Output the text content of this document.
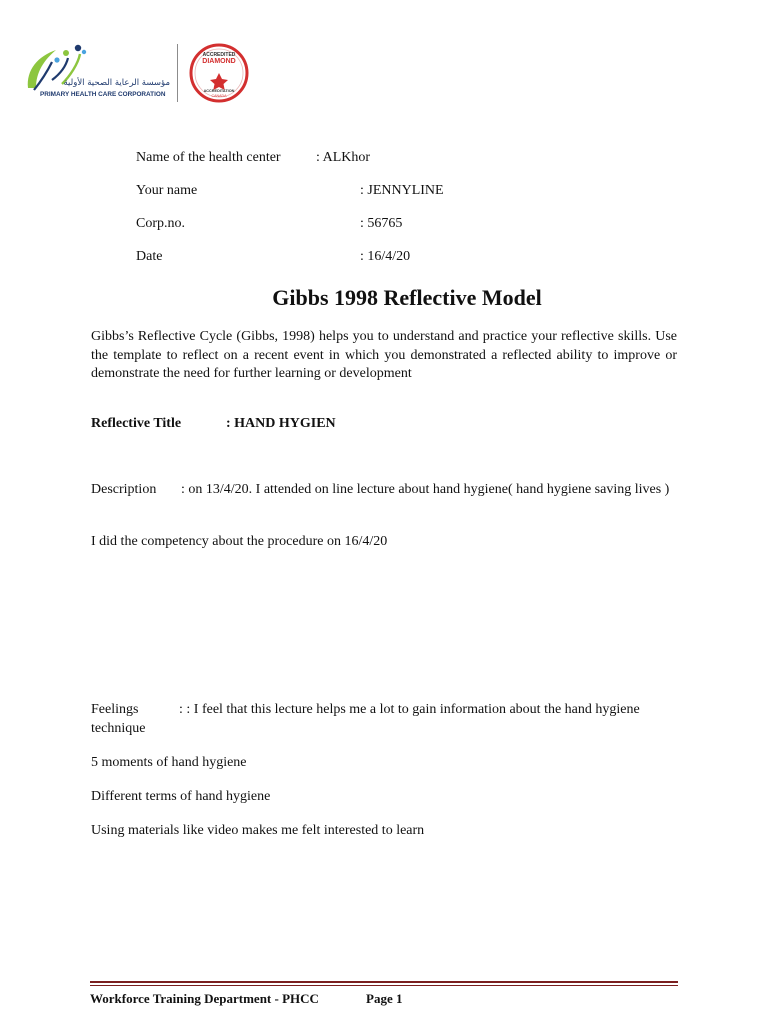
مؤسسة الرعاية الصحية الأولية
PRIMARY HEALTH CARE CORPORATION
ACCREDITED
DIAMOND
ACCREDITATION
CANADA
Name of the health center	: ALKhor
Your name	: JENNYLINE
Corp.no.	: 56765
Date	: 16/4/20
Gibbs 1998 Reflective Model
Gibbs’s Reflective Cycle (Gibbs, 1998) helps you to understand and practice your reflective skills. Use the template to reflect on a recent event in which you demonstrated a reflected ability to improve or demonstrate the need for further learning or development
Reflective Title	: HAND HYGIEN
Description	: on 13/4/20. I attended on line lecture about hand hygiene( hand hygiene saving lives )
I did the competency about the procedure on 16/4/20
Feelings	: : I feel that this lecture helps me a lot to gain information about the hand hygiene technique
5 moments of hand hygiene
Different terms of hand hygiene
Using materials like video makes me felt interested to learn
Workforce Training Department - PHCC	Page 1
